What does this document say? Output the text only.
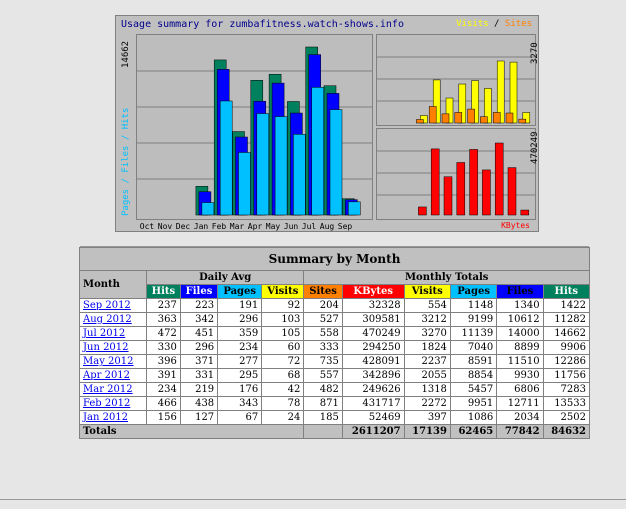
Usage summary for zumbafitness.watch-shows.info	Visits / Sites
Pages / Files / Hits
14662	3270
470249
KBytes
Oct Nov Dec Jan Feb Mar Apr May Jun Jul Aug Sep
Summary by Month										
Month	Daily Avg				Monthly Totals					
	Hits	Files	Pages	Visits	Sites	KBytes	Visits	Pages	Files	Hits
Sep 2012	237	223	191	92	204	32328	554	1148	1340	1422
Aug 2012	363	342	296	103	527	309581	3212	9199	10612	11282
Jul 2012	472	451	359	105	558	470249	3270	11139	14000	14662
Jun 2012	330	296	234	60	333	294250	1824	7040	8899	9906
May 2012	396	371	277	72	735	428091	2237	8591	11510	12286
Apr 2012	391	331	295	68	557	342896	2055	8854	9930	11756
Mar 2012	234	219	176	42	482	249626	1318	5457	6806	7283
Feb 2012	466	438	343	78	871	431717	2272	9951	12711	13533
Jan 2012	156	127	67	24	185	52469	397	1086	2034	2502
Totals						2611207	17139	62465	77842	84632
